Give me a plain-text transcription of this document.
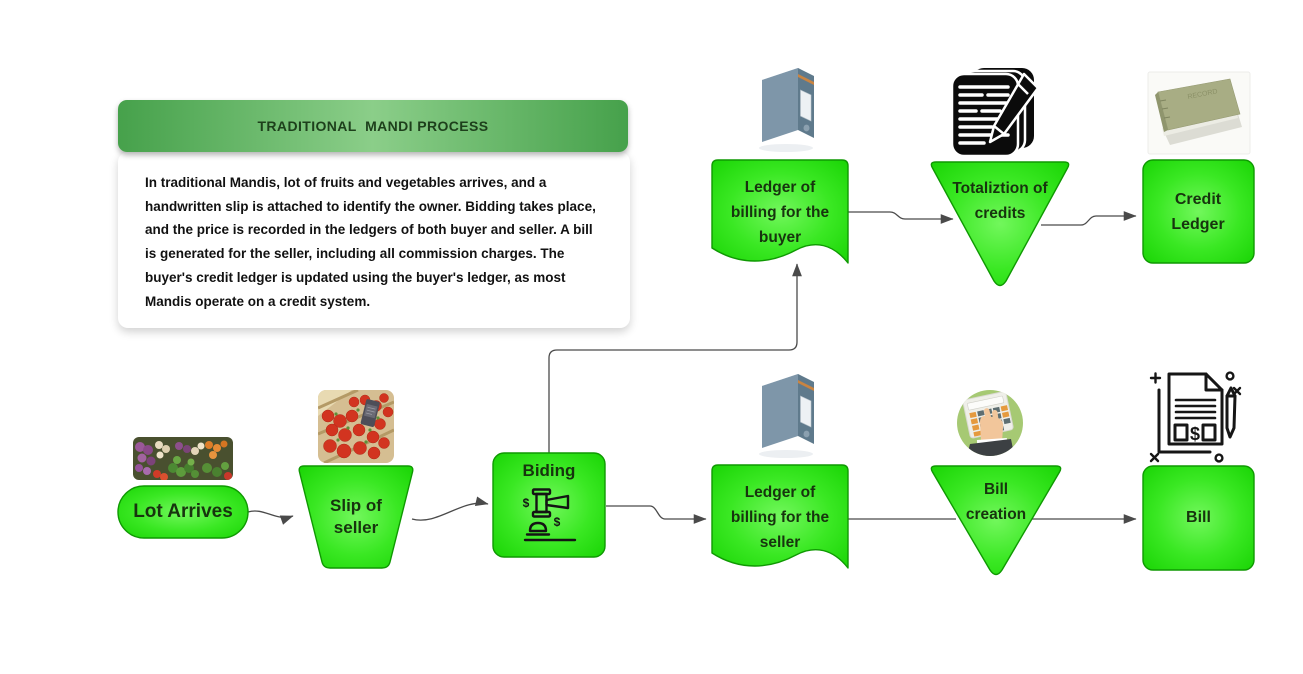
$
$
RECORD
$
TRADITIONAL  MANDI PROCESS
In traditional Mandis, lot of fruits and vegetables arrives, and a
handwritten slip is attached to identify the owner. Bidding takes place,
and the price is recorded in the ledgers of both buyer and seller. A bill
is generated for the seller, including all commission charges. The
buyer's credit ledger is updated using the buyer's ledger, as most
Mandis operate on a credit system.
Lot Arrives	Slip of seller
Biding
Ledger of billing for the buyer
Totaliztion of credits
Credit Ledger
Ledger of billing for the seller
Bill creation	Bill
